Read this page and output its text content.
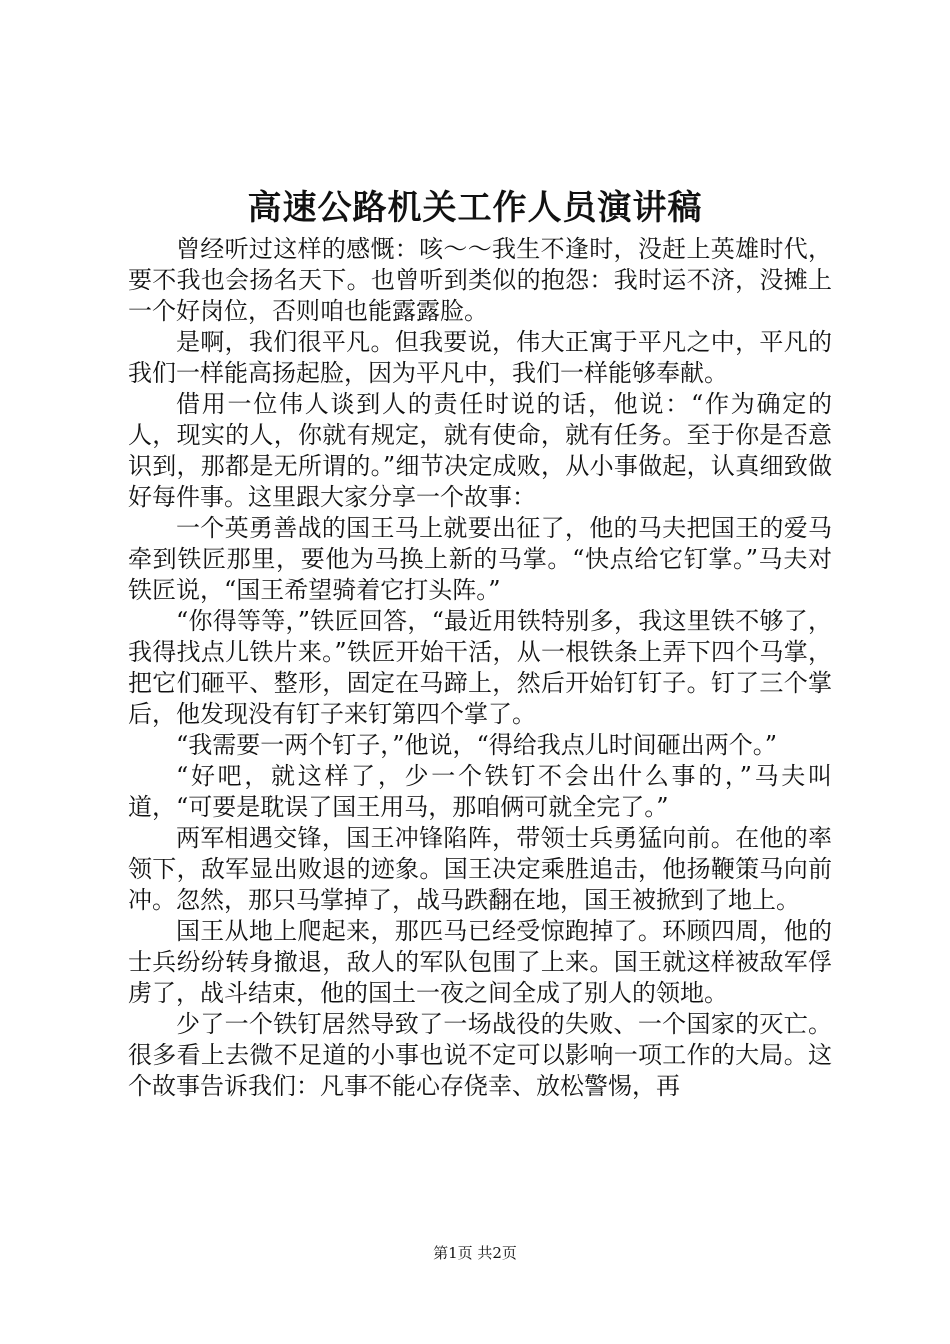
高速公路机关工作人员演讲稿

曾经听过这样的感慨：咳～～我生不逢时，没赶上英雄时代，要不我也会扬名天下。也曾听到类似的抱怨：我时运不济，没摊上一个好岗位，否则咱也能露露脸。

是啊，我们很平凡。但我要说，伟大正寓于平凡之中，平凡的我们一样能高扬起脸，因为平凡中，我们一样能够奉献。

借用一位伟人谈到人的责任时说的话，他说：“作为确定的人，现实的人，你就有规定，就有使命，就有任务。至于你是否意识到，那都是无所谓的。”细节决定成败，从小事做起，认真细致做好每件事。这里跟大家分享一个故事：

一个英勇善战的国王马上就要出征了，他的马夫把国王的爱马牵到铁匠那里，要他为马换上新的马掌。“快点给它钉掌。”马夫对铁匠说，“国王希望骑着它打头阵。”

“你得等等，”铁匠回答，“最近用铁特别多，我这里铁不够了，我得找点儿铁片来。”铁匠开始干活，从一根铁条上弄下四个马掌，把它们砸平、整形，固定在马蹄上，然后开始钉钉子。钉了三个掌后，他发现没有钉子来钉第四个掌了。

“我需要一两个钉子，”他说，“得给我点儿时间砸出两个。”

“好吧，就这样了，少一个铁钉不会出什么事的，”马夫叫道，“可要是耽误了国王用马，那咱俩可就全完了。”

两军相遇交锋，国王冲锋陷阵，带领士兵勇猛向前。在他的率领下，敌军显出败退的迹象。国王决定乘胜追击，他扬鞭策马向前冲。忽然，那只马掌掉了，战马跌翻在地，国王被掀到了地上。

国王从地上爬起来，那匹马已经受惊跑掉了。环顾四周，他的士兵纷纷转身撤退，敌人的军队包围了上来。国王就这样被敌军俘虏了，战斗结束，他的国土一夜之间全成了别人的领地。

少了一个铁钉居然导致了一场战役的失败、一个国家的灭亡。很多看上去微不足道的小事也说不定可以影响一项工作的大局。这个故事告诉我们：凡事不能心存侥幸、放松警惕，再

第1页 共2页
